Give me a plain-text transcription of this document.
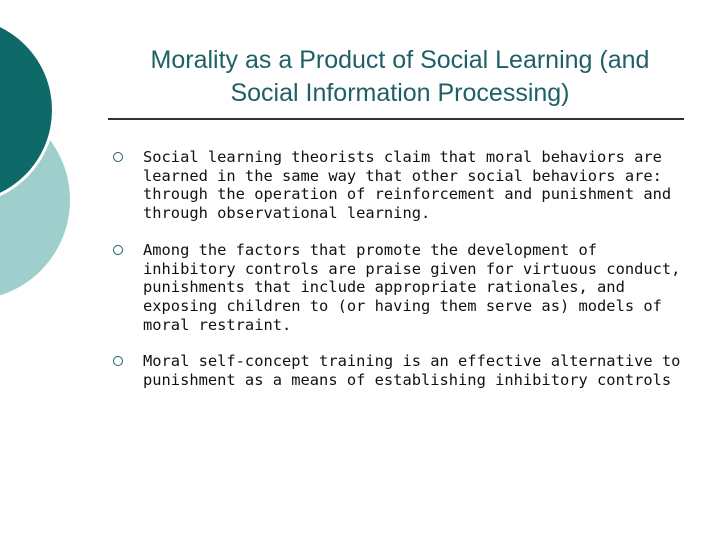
Morality as a Product of Social Learning (and
Social Information Processing)
Social learning theorists claim that moral behaviors are learned in the same way that other social behaviors are: through the operation of reinforcement and punishment and through observational learning.
Among the factors that promote the development of inhibitory controls are praise given for virtuous conduct, punishments that include appropriate rationales, and exposing children to (or having them serve as) models of moral restraint.
Moral self-concept training is an effective alternative to punishment as a means of establishing inhibitory controls
